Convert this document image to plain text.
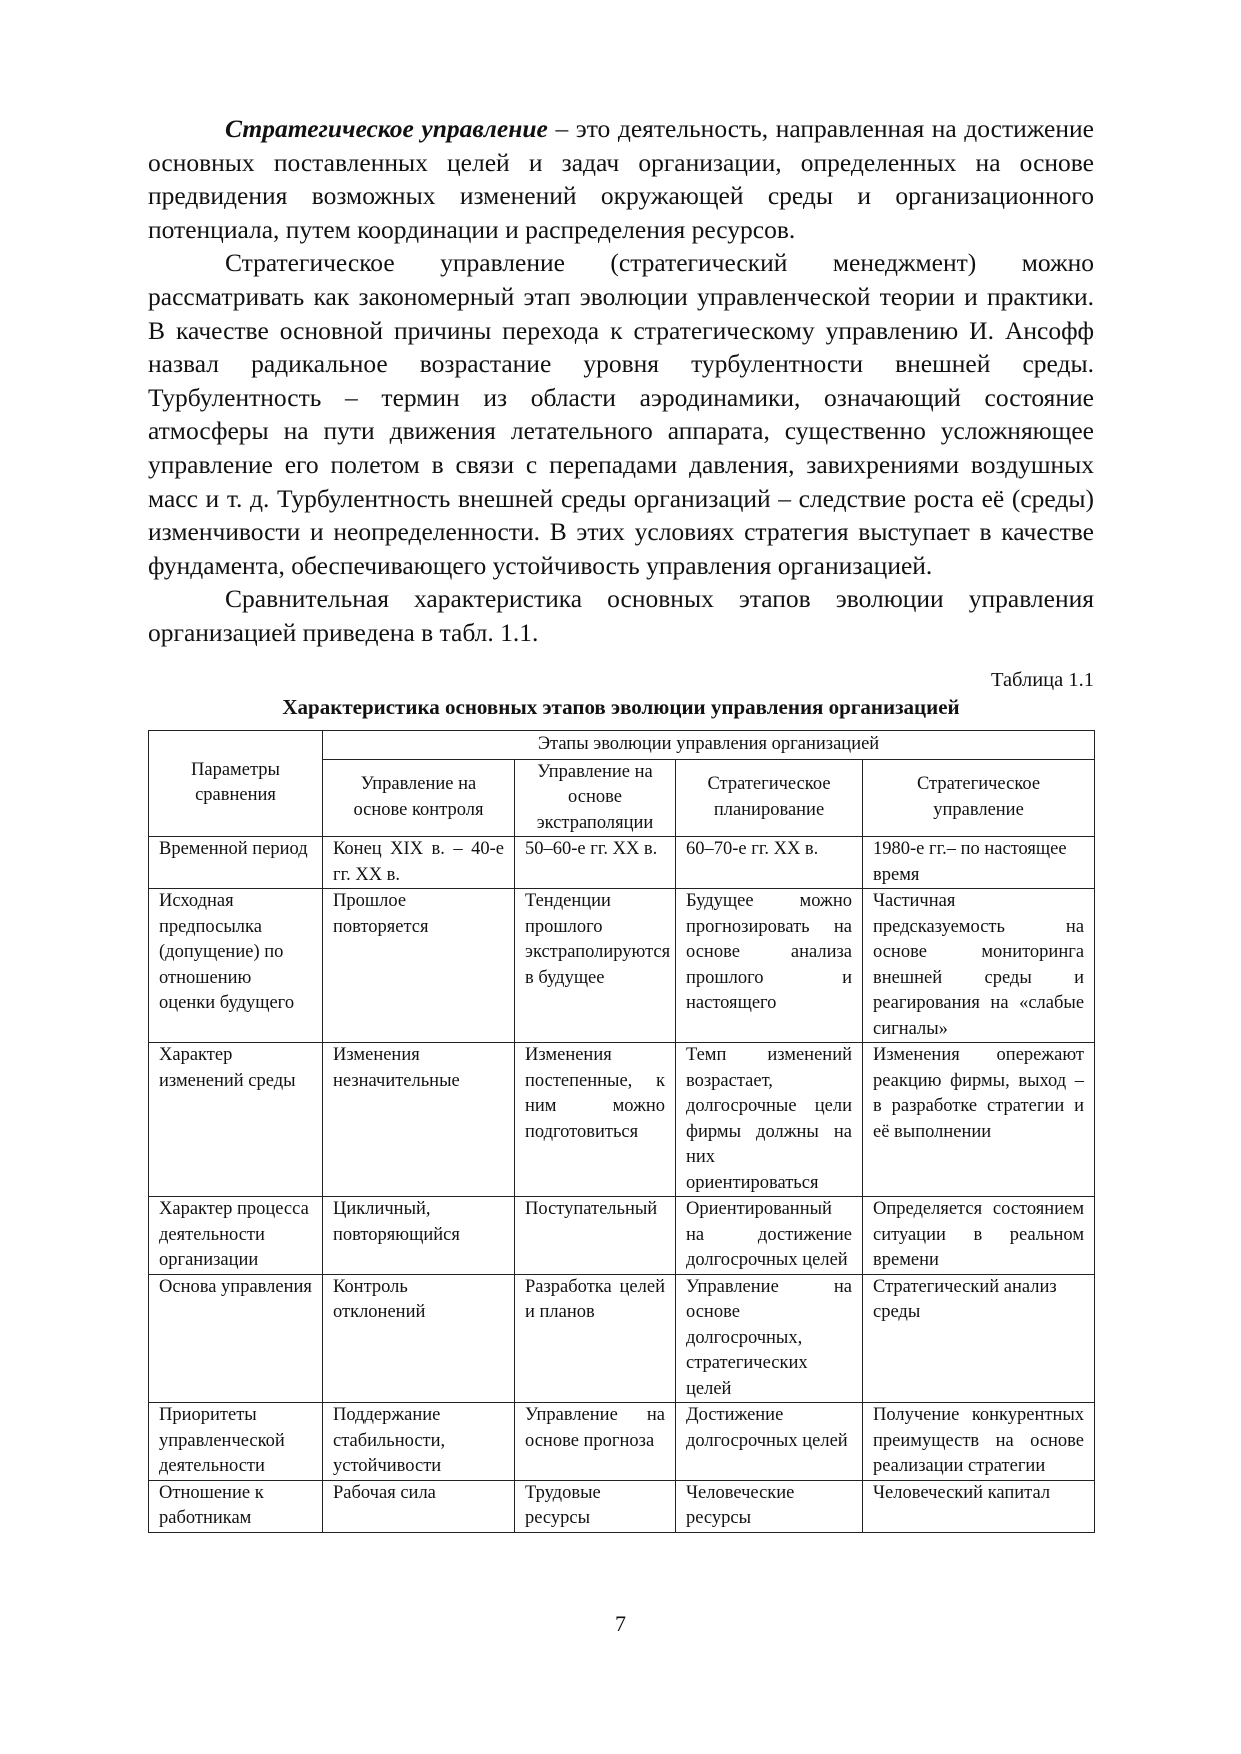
Стратегическое управление – это деятельность, направленная на достижение основных поставленных целей и задач организации, определенных на основе предвидения возможных изменений окружающей среды и организационного потенциала, путем координации и распределения ресурсов.

Стратегическое управление (стратегический менеджмент) можно рассматривать как закономерный этап эволюции управленческой теории и практики. В качестве основной причины перехода к стратегическому управлению И. Ансофф назвал радикальное возрастание уровня турбулентности внешней среды. Турбулентность – термин из области аэродинамики, означающий состояние атмосферы на пути движения летательного аппарата, существенно усложняющее управление его полетом в связи с перепадами давления, завихрениями воздушных масс и т. д. Турбулентность внешней среды организаций – следствие роста её (среды) изменчивости и неопределенности. В этих условиях стратегия выступает в качестве фундамента, обеспечивающего устойчивость управления организацией.

Сравнительная характеристика основных этапов эволюции управления организацией приведена в табл. 1.1.

Таблица 1.1
Характеристика основных этапов эволюции управления организацией
Параметры сравнения	Этапы эволюции управления организацией			
	Управление на основе контроля	Управление на основе экстраполяции	Стратегическое планирование	Стратегическое управление
Временной период	Конец XIX в. – 40-е гг. XX в.	50–60-е гг. XX в.	60–70-е гг. XX в.	1980-е гг.– по настоящее время
Исходная предпосылка (допущение) по отношению оценки будущего	Прошлое повторяется	Тенденции прошлого экстраполируются в будущее	Будущее можно прогнозировать на основе анализа прошлого и настоящего	Частичная предсказуемость на основе мониторинга внешней среды и реагирования на «слабые сигналы»
Характер изменений среды	Изменения незначительные	Изменения постепенные, к ним можно подготовиться	Темп изменений возрастает, долгосрочные цели фирмы должны на них ориентироваться	Изменения опережают реакцию фирмы, выход – в разработке стратегии и её выполнении
Характер процесса деятельности организации	Цикличный, повторяющийся	Поступательный	Ориентированный на достижение долгосрочных целей	Определяется состоянием ситуации в реальном времени
Основа управления	Контроль отклонений	Разработка целей и планов	Управление на основе долгосрочных, стратегических целей	Стратегический анализ среды
Приоритеты управленческой деятельности	Поддержание стабильности, устойчивости	Управление на основе прогноза	Достижение долгосрочных целей	Получение конкурентных преимуществ на основе реализации стратегии
Отношение к работникам	Рабочая сила	Трудовые ресурсы	Человеческие ресурсы	Человеческий капитал
7
